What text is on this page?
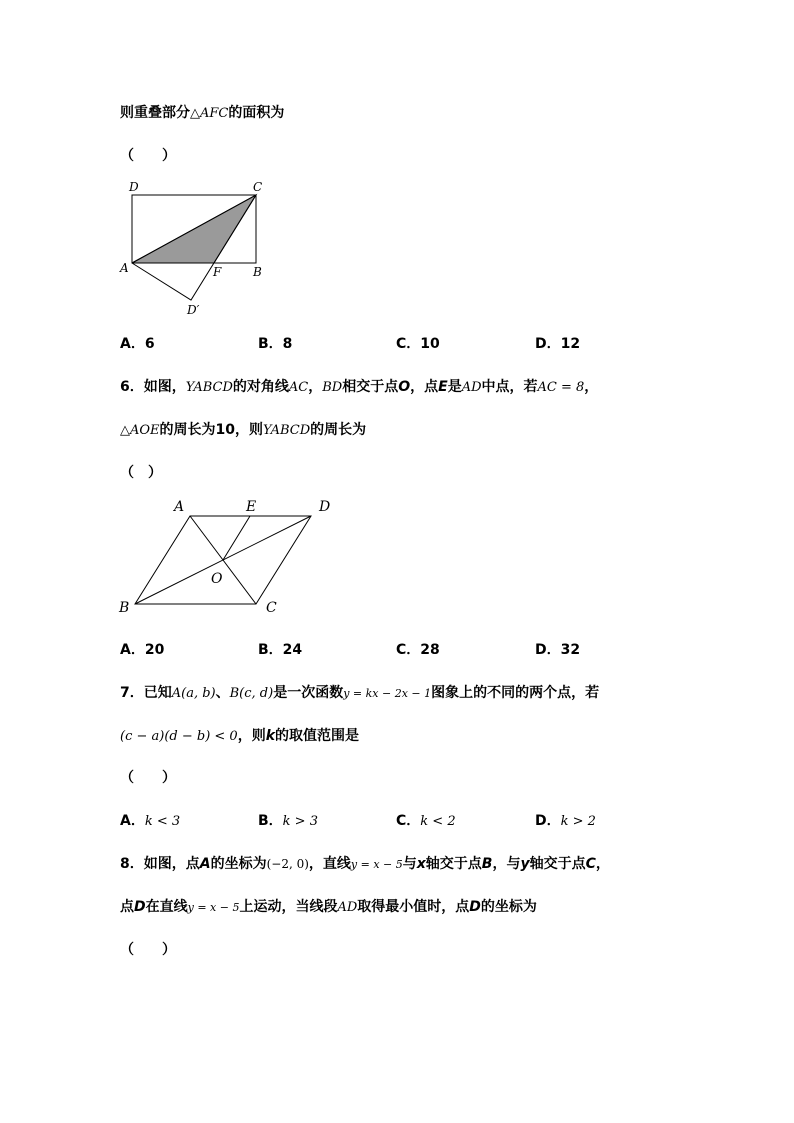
则重叠部分△AFC的面积为
（　　）
D	C
A	F	B
D′
A．6	B．8	C．10	D．12
6．如图，YABCD的对角线AC，BD相交于点O，点E是AD中点，若AC = 8，
△AOE的周长为10，则YABCD的周长为
（　）
A	E	D
O
B	C
A．20	B．24	C．28	D．32
7．已知A(a, b)、B(c, d)是一次函数y = kx − 2x − 1图象上的不同的两个点，若
(c − a)(d − b) < 0，则k的取值范围是
（　　）
A．k < 3	B．k > 3	C．k < 2	D．k > 2
8．如图，点A的坐标为(−2, 0)，直线y = x − 5与x轴交于点B，与y轴交于点C，
点D在直线y = x − 5上运动，当线段AD取得最小值时，点D的坐标为
（　　）
